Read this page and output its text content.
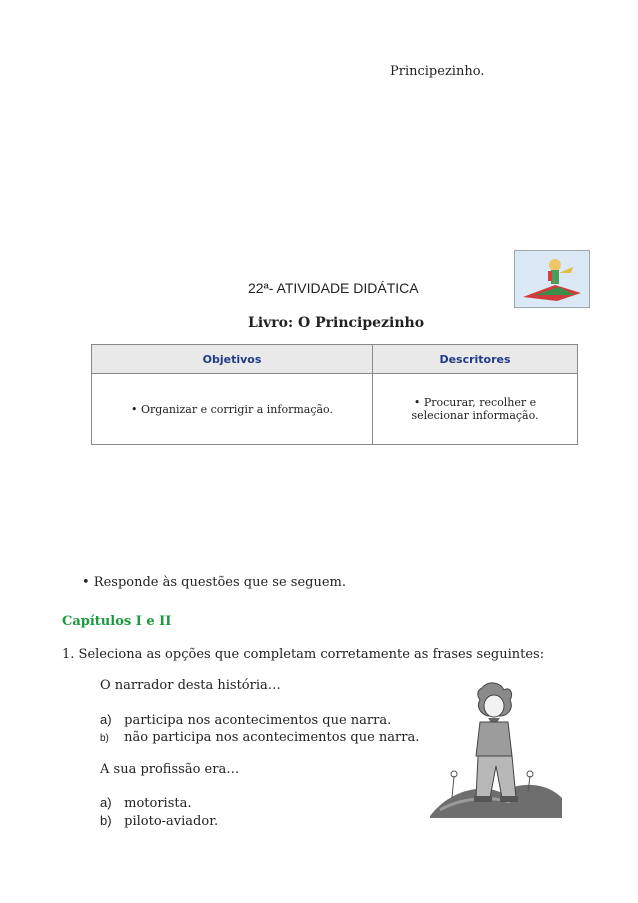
Principezinho.
22ª- ATIVIDADE DIDÁTICA
Livro: O Principezinho
Objetivos	Descritores
• Organizar e corrigir a informação.	• Procurar, recolher e selecionar informação.
• Responde às questões que se seguem.
Capítulos I e II
1. Seleciona as opções que completam corretamente as frases seguintes:
O narrador desta história…
a) participa nos acontecimentos que narra.
b) não participa nos acontecimentos que narra.
A sua profissão era…
a) motorista.
b) piloto-aviador.
